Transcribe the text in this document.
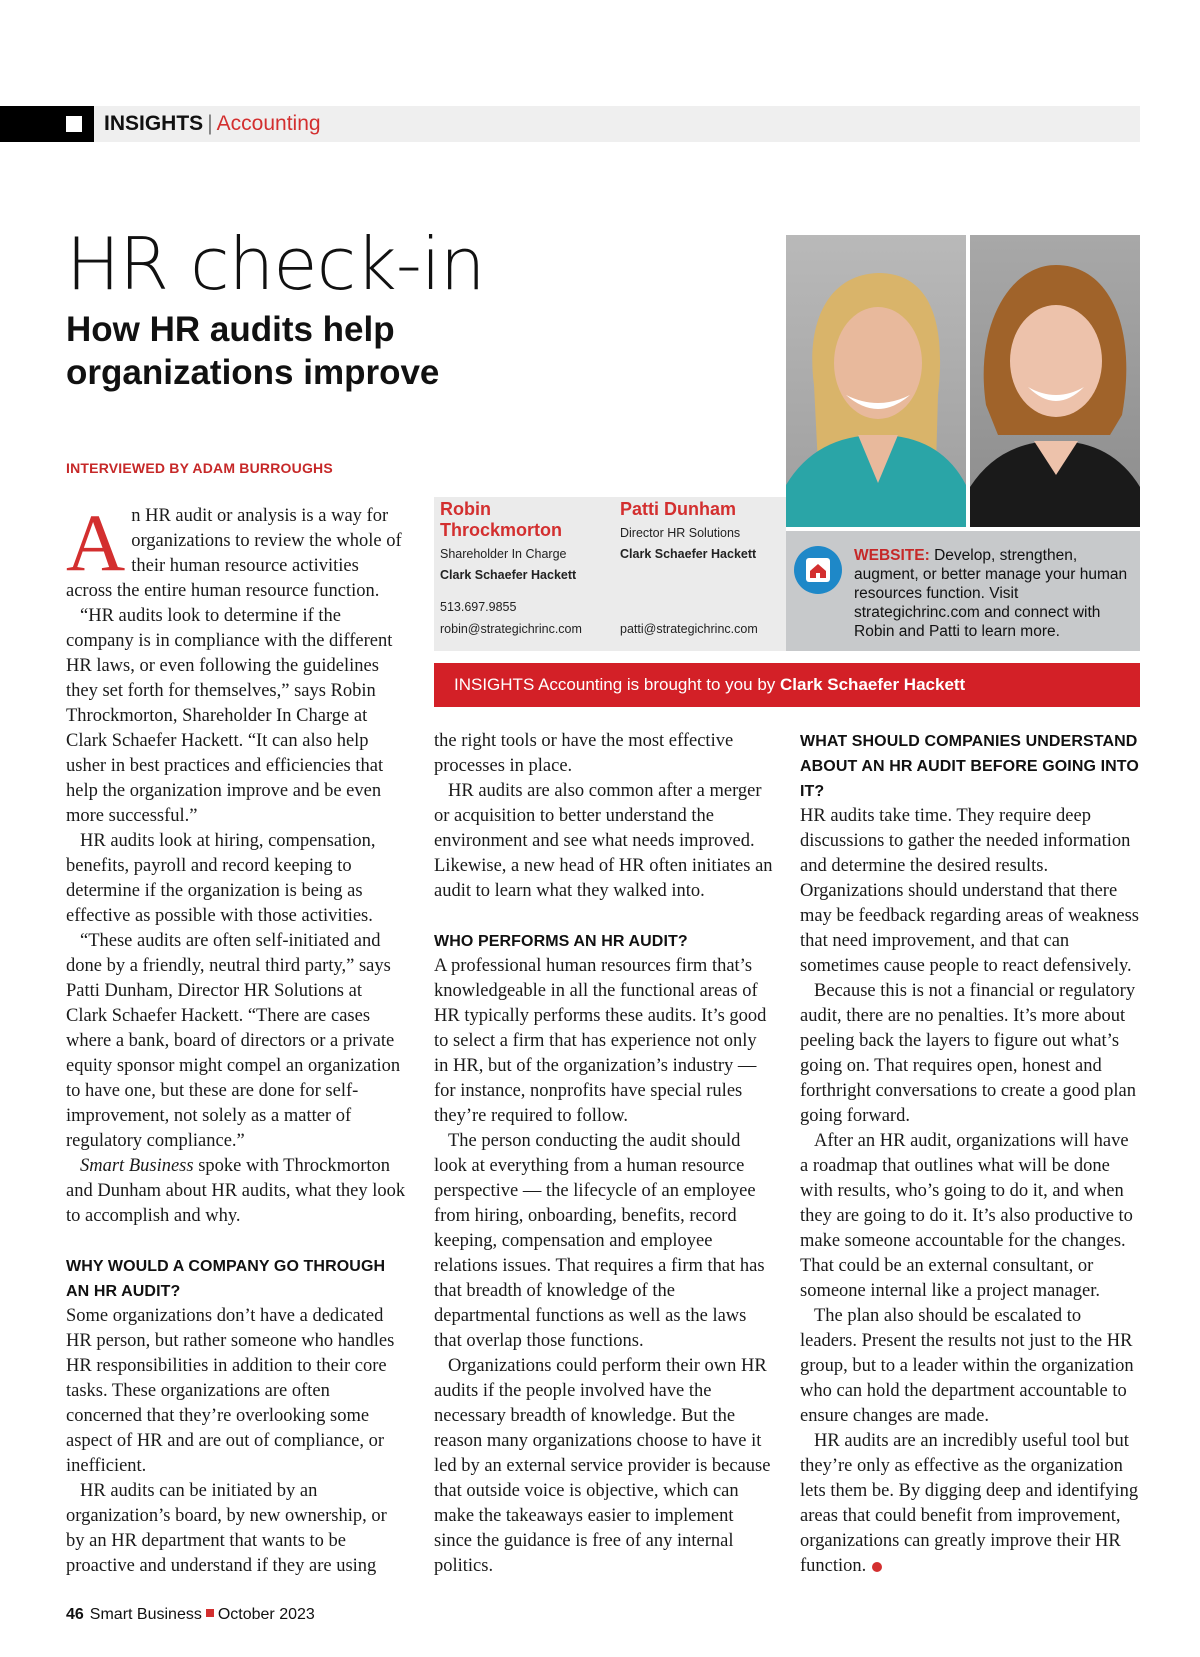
INSIGHTS | Accounting
HR check-in
How HR audits help organizations improve
INTERVIEWED BY ADAM BURROUGHS
Robin Throckmorton
Shareholder In Charge
Clark Schaefer Hackett
Patti Dunham
Director HR Solutions
Clark Schaefer Hackett
513.697.9855
robin@strategichrinc.com	patti@strategichrinc.com
WEBSITE: Develop, strengthen, augment, or better manage your human resources function. Visit strategichrinc.com and connect with Robin and Patti to learn more.
INSIGHTS Accounting is brought to you by Clark Schaefer Hackett

An HR audit or analysis is a way for organizations to review the whole of their human resource activities across the entire human resource function.

“HR audits look to determine if the company is in compliance with the different HR laws, or even following the guidelines they set forth for themselves,” says Robin Throckmorton, Shareholder In Charge at Clark Schaefer Hackett. “It can also help usher in best practices and efficiencies that help the organization improve and be even more successful.”

HR audits look at hiring, compensation, benefits, payroll and record keeping to determine if the organization is being as effective as possible with those activities.

“These audits are often self-initiated and done by a friendly, neutral third party,” says Patti Dunham, Director HR Solutions at Clark Schaefer Hackett. “There are cases where a bank, board of directors or a private equity sponsor might compel an organization to have one, but these are done for self-improvement, not solely as a matter of regulatory compliance.”

Smart Business spoke with Throckmorton and Dunham about HR audits, what they look to accomplish and why.

WHY WOULD A COMPANY GO THROUGH AN HR AUDIT?

Some organizations don’t have a dedicated HR person, but rather someone who handles HR responsibilities in addition to their core tasks. These organizations are often concerned that they’re overlooking some aspect of HR and are out of compliance, or inefficient.

HR audits can be initiated by an organization’s board, by new ownership, or by an HR department that wants to be proactive and understand if they are using

the right tools or have the most effective processes in place.

HR audits are also common after a merger or acquisition to better understand the environment and see what needs improved. Likewise, a new head of HR often initiates an audit to learn what they walked into.

WHO PERFORMS AN HR AUDIT?

A professional human resources firm that’s knowledgeable in all the functional areas of HR typically performs these audits. It’s good to select a firm that has experience not only in HR, but of the organization’s industry — for instance, nonprofits have special rules they’re required to follow.

The person conducting the audit should look at everything from a human resource perspective — the lifecycle of an employee from hiring, onboarding, benefits, record keeping, compensation and employee relations issues. That requires a firm that has that breadth of knowledge of the departmental functions as well as the laws that overlap those functions.

Organizations could perform their own HR audits if the people involved have the necessary breadth of knowledge. But the reason many organizations choose to have it led by an external service provider is because that outside voice is objective, which can make the takeaways easier to implement since the guidance is free of any internal politics.

WHAT SHOULD COMPANIES UNDERSTAND ABOUT AN HR AUDIT BEFORE GOING INTO IT?

HR audits take time. They require deep discussions to gather the needed information and determine the desired results. Organizations should understand that there may be feedback regarding areas of weakness that need improvement, and that can sometimes cause people to react defensively.

Because this is not a financial or regulatory audit, there are no penalties. It’s more about peeling back the layers to figure out what’s going on. That requires open, honest and forthright conversations to create a good plan going forward.

After an HR audit, organizations will have a roadmap that outlines what will be done with results, who’s going to do it, and when they are going to do it. It’s also productive to make someone accountable for the changes. That could be an external consultant, or someone internal like a project manager.

The plan also should be escalated to leaders. Present the results not just to the HR group, but to a leader within the organization who can hold the department accountable to ensure changes are made.

HR audits are an incredibly useful tool but they’re only as effective as the organization lets them be. By digging deep and identifying areas that could benefit from improvement, organizations can greatly improve their HR function.

46 Smart Business October 2023
